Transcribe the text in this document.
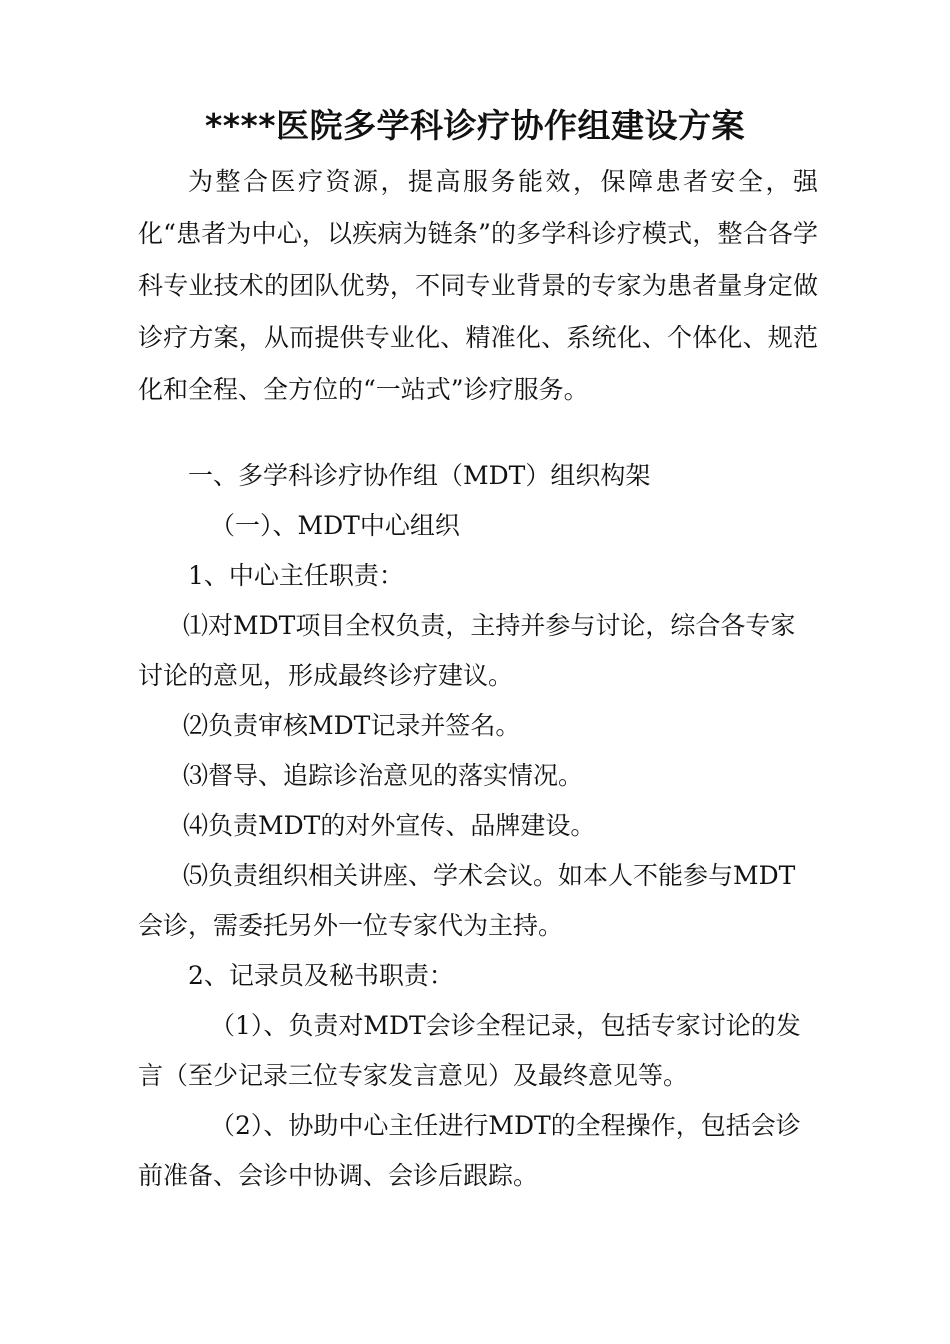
****医院多学科诊疗协作组建设方案

为整合医疗资源，提高服务能效，保障患者安全，强化“患者为中心，以疾病为链条”的多学科诊疗模式，整合各学科专业技术的团队优势，不同专业背景的专家为患者量身定做诊疗方案，从而提供专业化、精准化、系统化、个体化、规范化和全程、全方位的“一站式”诊疗服务。

一、多学科诊疗协作组（MDT）组织构架

（一）、MDT中心组织

1、中心主任职责：

⑴对MDT项目全权负责，主持并参与讨论，综合各专家讨论的意见，形成最终诊疗建议。

⑵负责审核MDT记录并签名。

⑶督导、追踪诊治意见的落实情况。

⑷负责MDT的对外宣传、品牌建设。

⑸负责组织相关讲座、学术会议。如本人不能参与MDT会诊，需委托另外一位专家代为主持。

2、记录员及秘书职责：

（1）、负责对MDT会诊全程记录，包括专家讨论的发言（至少记录三位专家发言意见）及最终意见等。

（2）、协助中心主任进行MDT的全程操作，包括会诊前准备、会诊中协调、会诊后跟踪。
